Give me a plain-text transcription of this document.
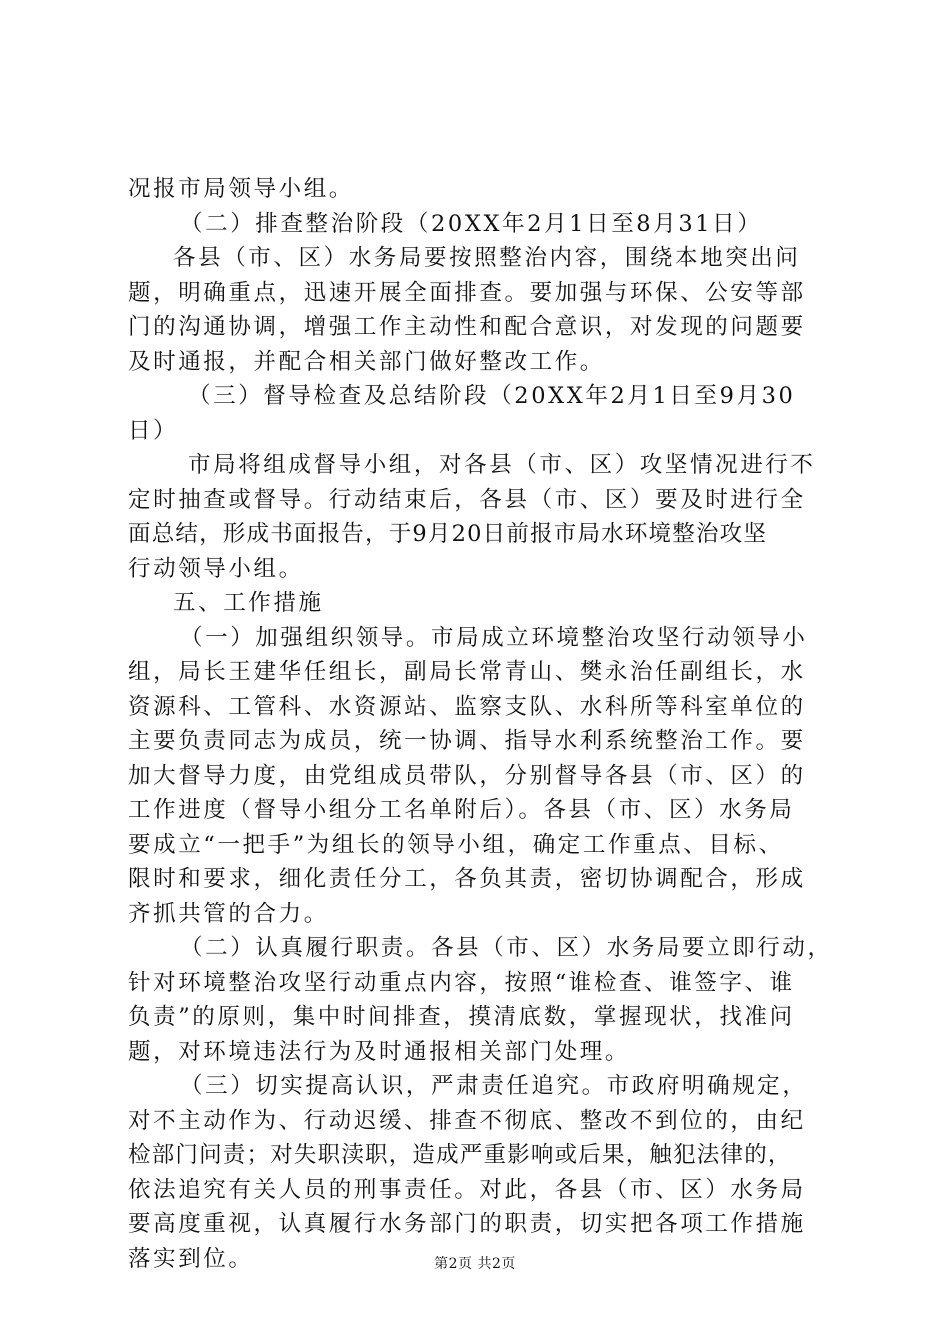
况报市局领导小组。
（二）排查整治阶段（20XX年2月1日至8月31日）
各县（市、区）水务局要按照整治内容，围绕本地突出问
题，明确重点，迅速开展全面排查。要加强与环保、公安等部
门的沟通协调，增强工作主动性和配合意识，对发现的问题要
及时通报，并配合相关部门做好整改工作。
（三）督导检查及总结阶段（20XX年2月1日至9月30
日）
市局将组成督导小组，对各县（市、区）攻坚情况进行不
定时抽查或督导。行动结束后，各县（市、区）要及时进行全
面总结，形成书面报告，于9月20日前报市局水环境整治攻坚
行动领导小组。
五、工作措施
（一）加强组织领导。市局成立环境整治攻坚行动领导小
组，局长王建华任组长，副局长常青山、樊永治任副组长，水
资源科、工管科、水资源站、监察支队、水科所等科室单位的
主要负责同志为成员，统一协调、指导水利系统整治工作。要
加大督导力度，由党组成员带队，分别督导各县（市、区）的
工作进度（督导小组分工名单附后）。各县（市、区）水务局
要成立“一把手”为组长的领导小组，确定工作重点、目标、
限时和要求，细化责任分工，各负其责，密切协调配合，形成
齐抓共管的合力。
（二）认真履行职责。各县（市、区）水务局要立即行动，
针对环境整治攻坚行动重点内容，按照“谁检查、谁签字、谁
负责”的原则，集中时间排查，摸清底数，掌握现状，找准问
题，对环境违法行为及时通报相关部门处理。
（三）切实提高认识，严肃责任追究。市政府明确规定，
对不主动作为、行动迟缓、排查不彻底、整改不到位的，由纪
检部门问责；对失职渎职，造成严重影响或后果，触犯法律的，
依法追究有关人员的刑事责任。对此，各县（市、区）水务局
要高度重视，认真履行水务部门的职责，切实把各项工作措施
落实到位。	第2页 共2页
